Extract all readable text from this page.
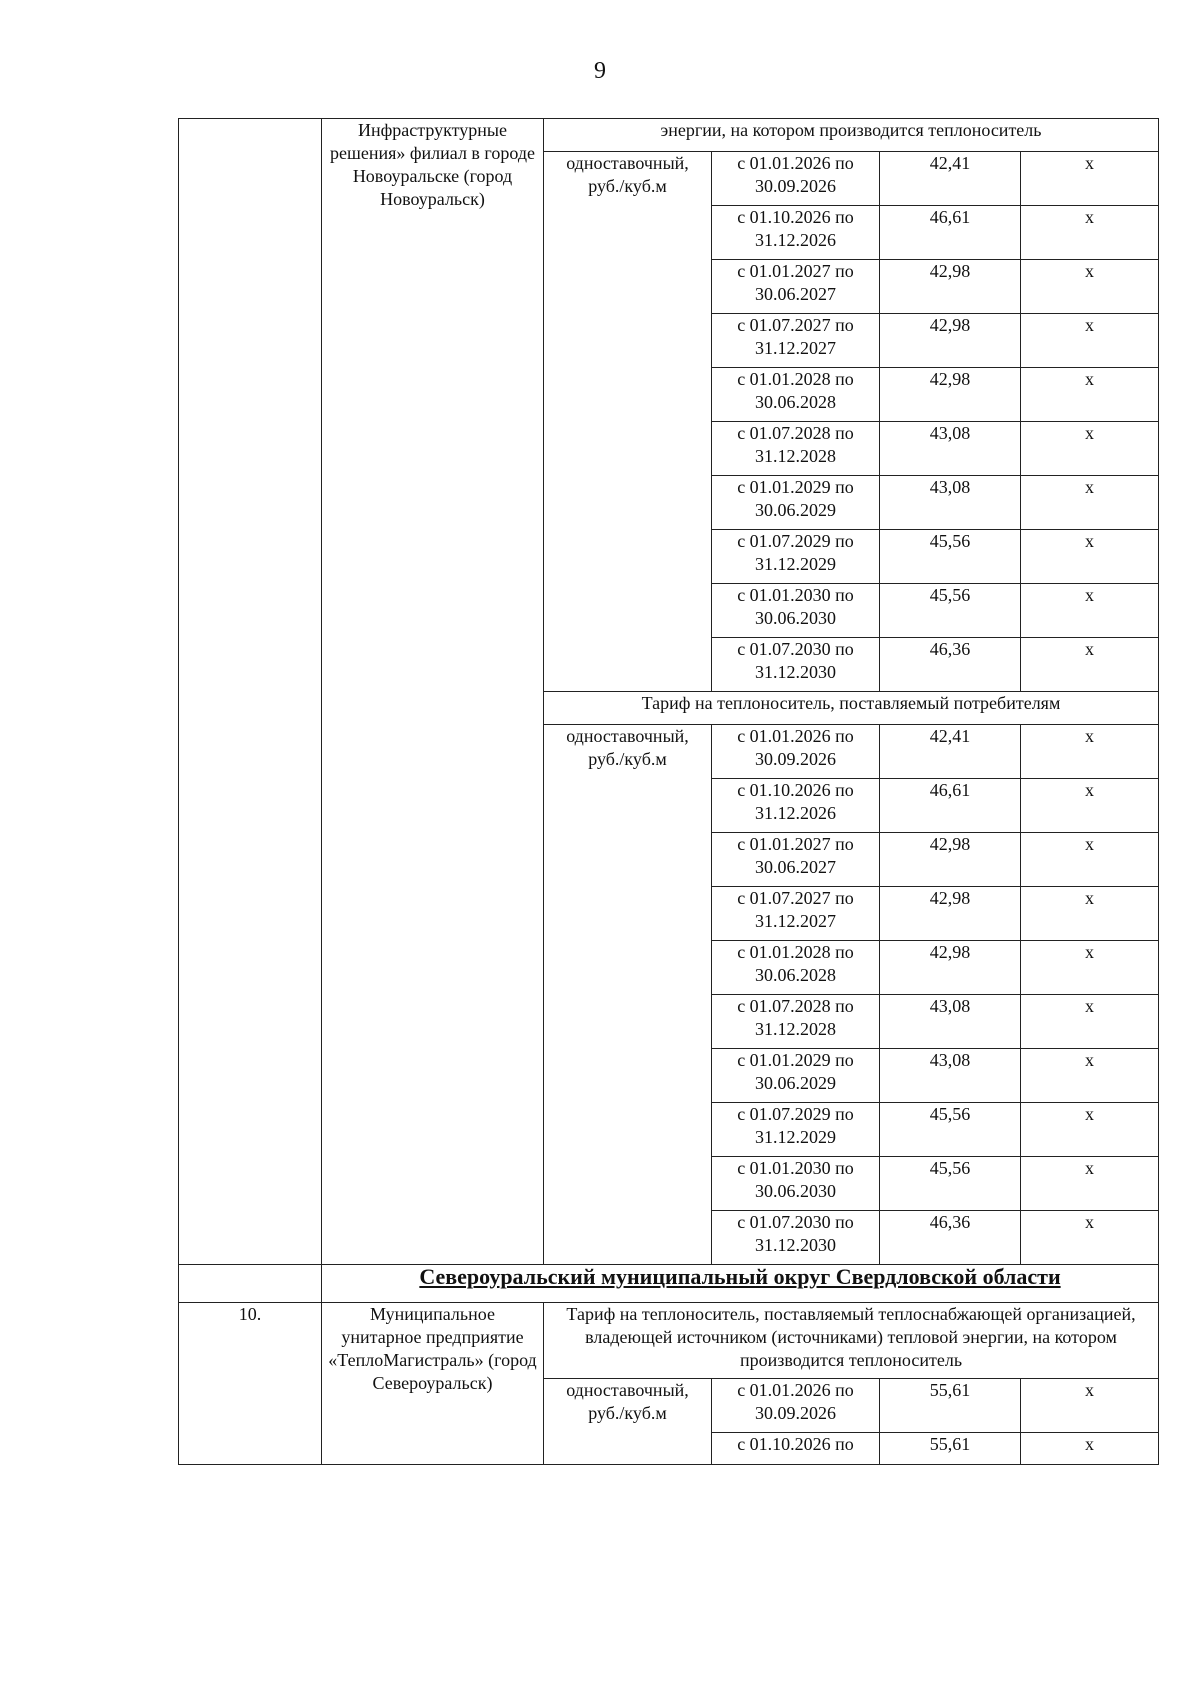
9
	Инфраструктурные решения» филиал в городе Новоуральске (город Новоуральск)	энергии, на котором производится теплоноситель			
		одноставочный, руб./куб.м	с 01.01.2026 по 30.09.2026	42,41	х
			с 01.10.2026 по 31.12.2026	46,61	х
			с 01.01.2027 по 30.06.2027	42,98	х
			с 01.07.2027 по 31.12.2027	42,98	х
			с 01.01.2028 по 30.06.2028	42,98	х
			с 01.07.2028 по 31.12.2028	43,08	х
			с 01.01.2029 по 30.06.2029	43,08	х
			с 01.07.2029 по 31.12.2029	45,56	х
			с 01.01.2030 по 30.06.2030	45,56	х
			с 01.07.2030 по 31.12.2030	46,36	х
		Тариф на теплоноситель, поставляемый потребителям			
		одноставочный, руб./куб.м	с 01.01.2026 по 30.09.2026	42,41	х
			с 01.10.2026 по 31.12.2026	46,61	х
			с 01.01.2027 по 30.06.2027	42,98	х
			с 01.07.2027 по 31.12.2027	42,98	х
			с 01.01.2028 по 30.06.2028	42,98	х
			с 01.07.2028 по 31.12.2028	43,08	х
			с 01.01.2029 по 30.06.2029	43,08	х
			с 01.07.2029 по 31.12.2029	45,56	х
			с 01.01.2030 по 30.06.2030	45,56	х
			с 01.07.2030 по 31.12.2030	46,36	х
	Североуральский муниципальный округ Свердловской области				
10.	Муниципальное унитарное предприятие «ТеплоМагистраль» (город Североуральск)	Тариф на теплоноситель, поставляемый теплоснабжающей организацией, владеющей источником (источниками) тепловой энергии, на котором производится теплоноситель			
		одноставочный, руб./куб.м	с 01.01.2026 по 30.09.2026	55,61	х
			с 01.10.2026 по	55,61	х
